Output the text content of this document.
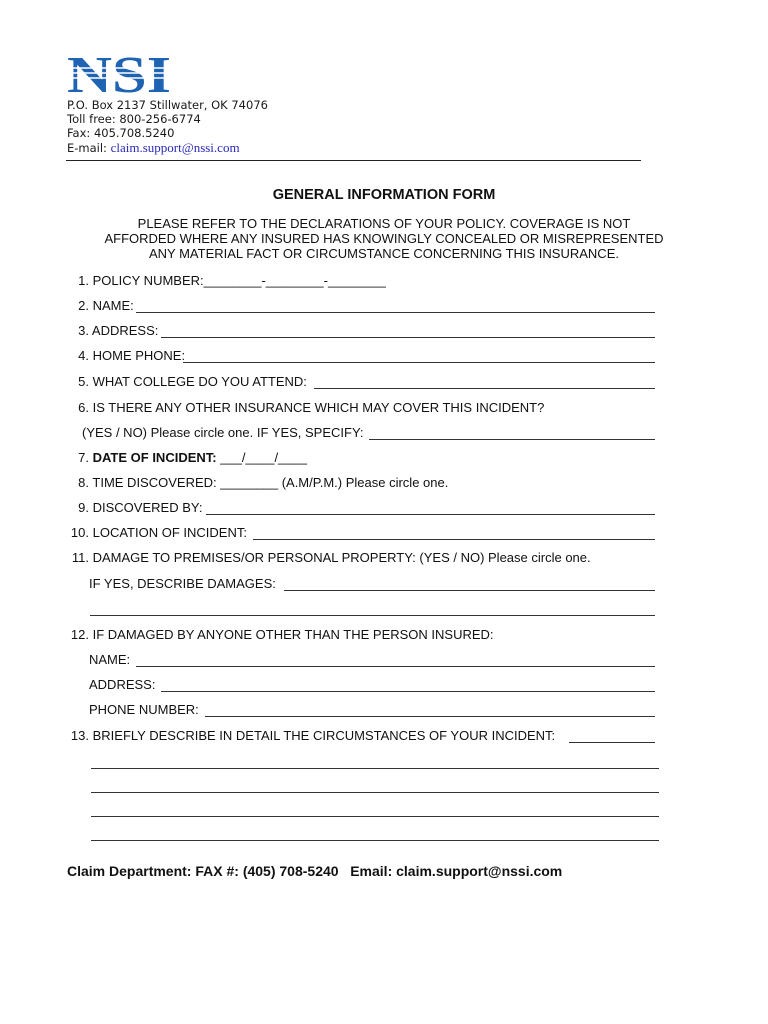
NSI
P.O. Box 2137 Stillwater, OK 74076
Toll free: 800-256-6774
Fax: 405.708.5240
E-mail: claim.support@nssi.com
GENERAL INFORMATION FORM
PLEASE REFER TO THE DECLARATIONS OF YOUR POLICY. COVERAGE IS NOT
AFFORDED WHERE ANY INSURED HAS KNOWINGLY CONCEALED OR MISREPRESENTED
ANY MATERIAL FACT OR CIRCUMSTANCE CONCERNING THIS INSURANCE.
1. POLICY NUMBER:________-________-________
2. NAME:
3. ADDRESS:
4. HOME PHONE:
5. WHAT COLLEGE DO YOU ATTEND:
6. IS THERE ANY OTHER INSURANCE WHICH MAY COVER THIS INCIDENT?
(YES / NO) Please circle one. IF YES, SPECIFY:
7. DATE OF INCIDENT: ___/____/____
8. TIME DISCOVERED: ________ (A.M/P.M.) Please circle one.
9. DISCOVERED BY:
10. LOCATION OF INCIDENT:
11. DAMAGE TO PREMISES/OR PERSONAL PROPERTY: (YES / NO) Please circle one.
IF YES, DESCRIBE DAMAGES:
12. IF DAMAGED BY ANYONE OTHER THAN THE PERSON INSURED:
NAME:
ADDRESS:
PHONE NUMBER:
13. BRIEFLY DESCRIBE IN DETAIL THE CIRCUMSTANCES OF YOUR INCIDENT:
Claim Department: FAX #: (405) 708-5240   Email: claim.support@nssi.com
